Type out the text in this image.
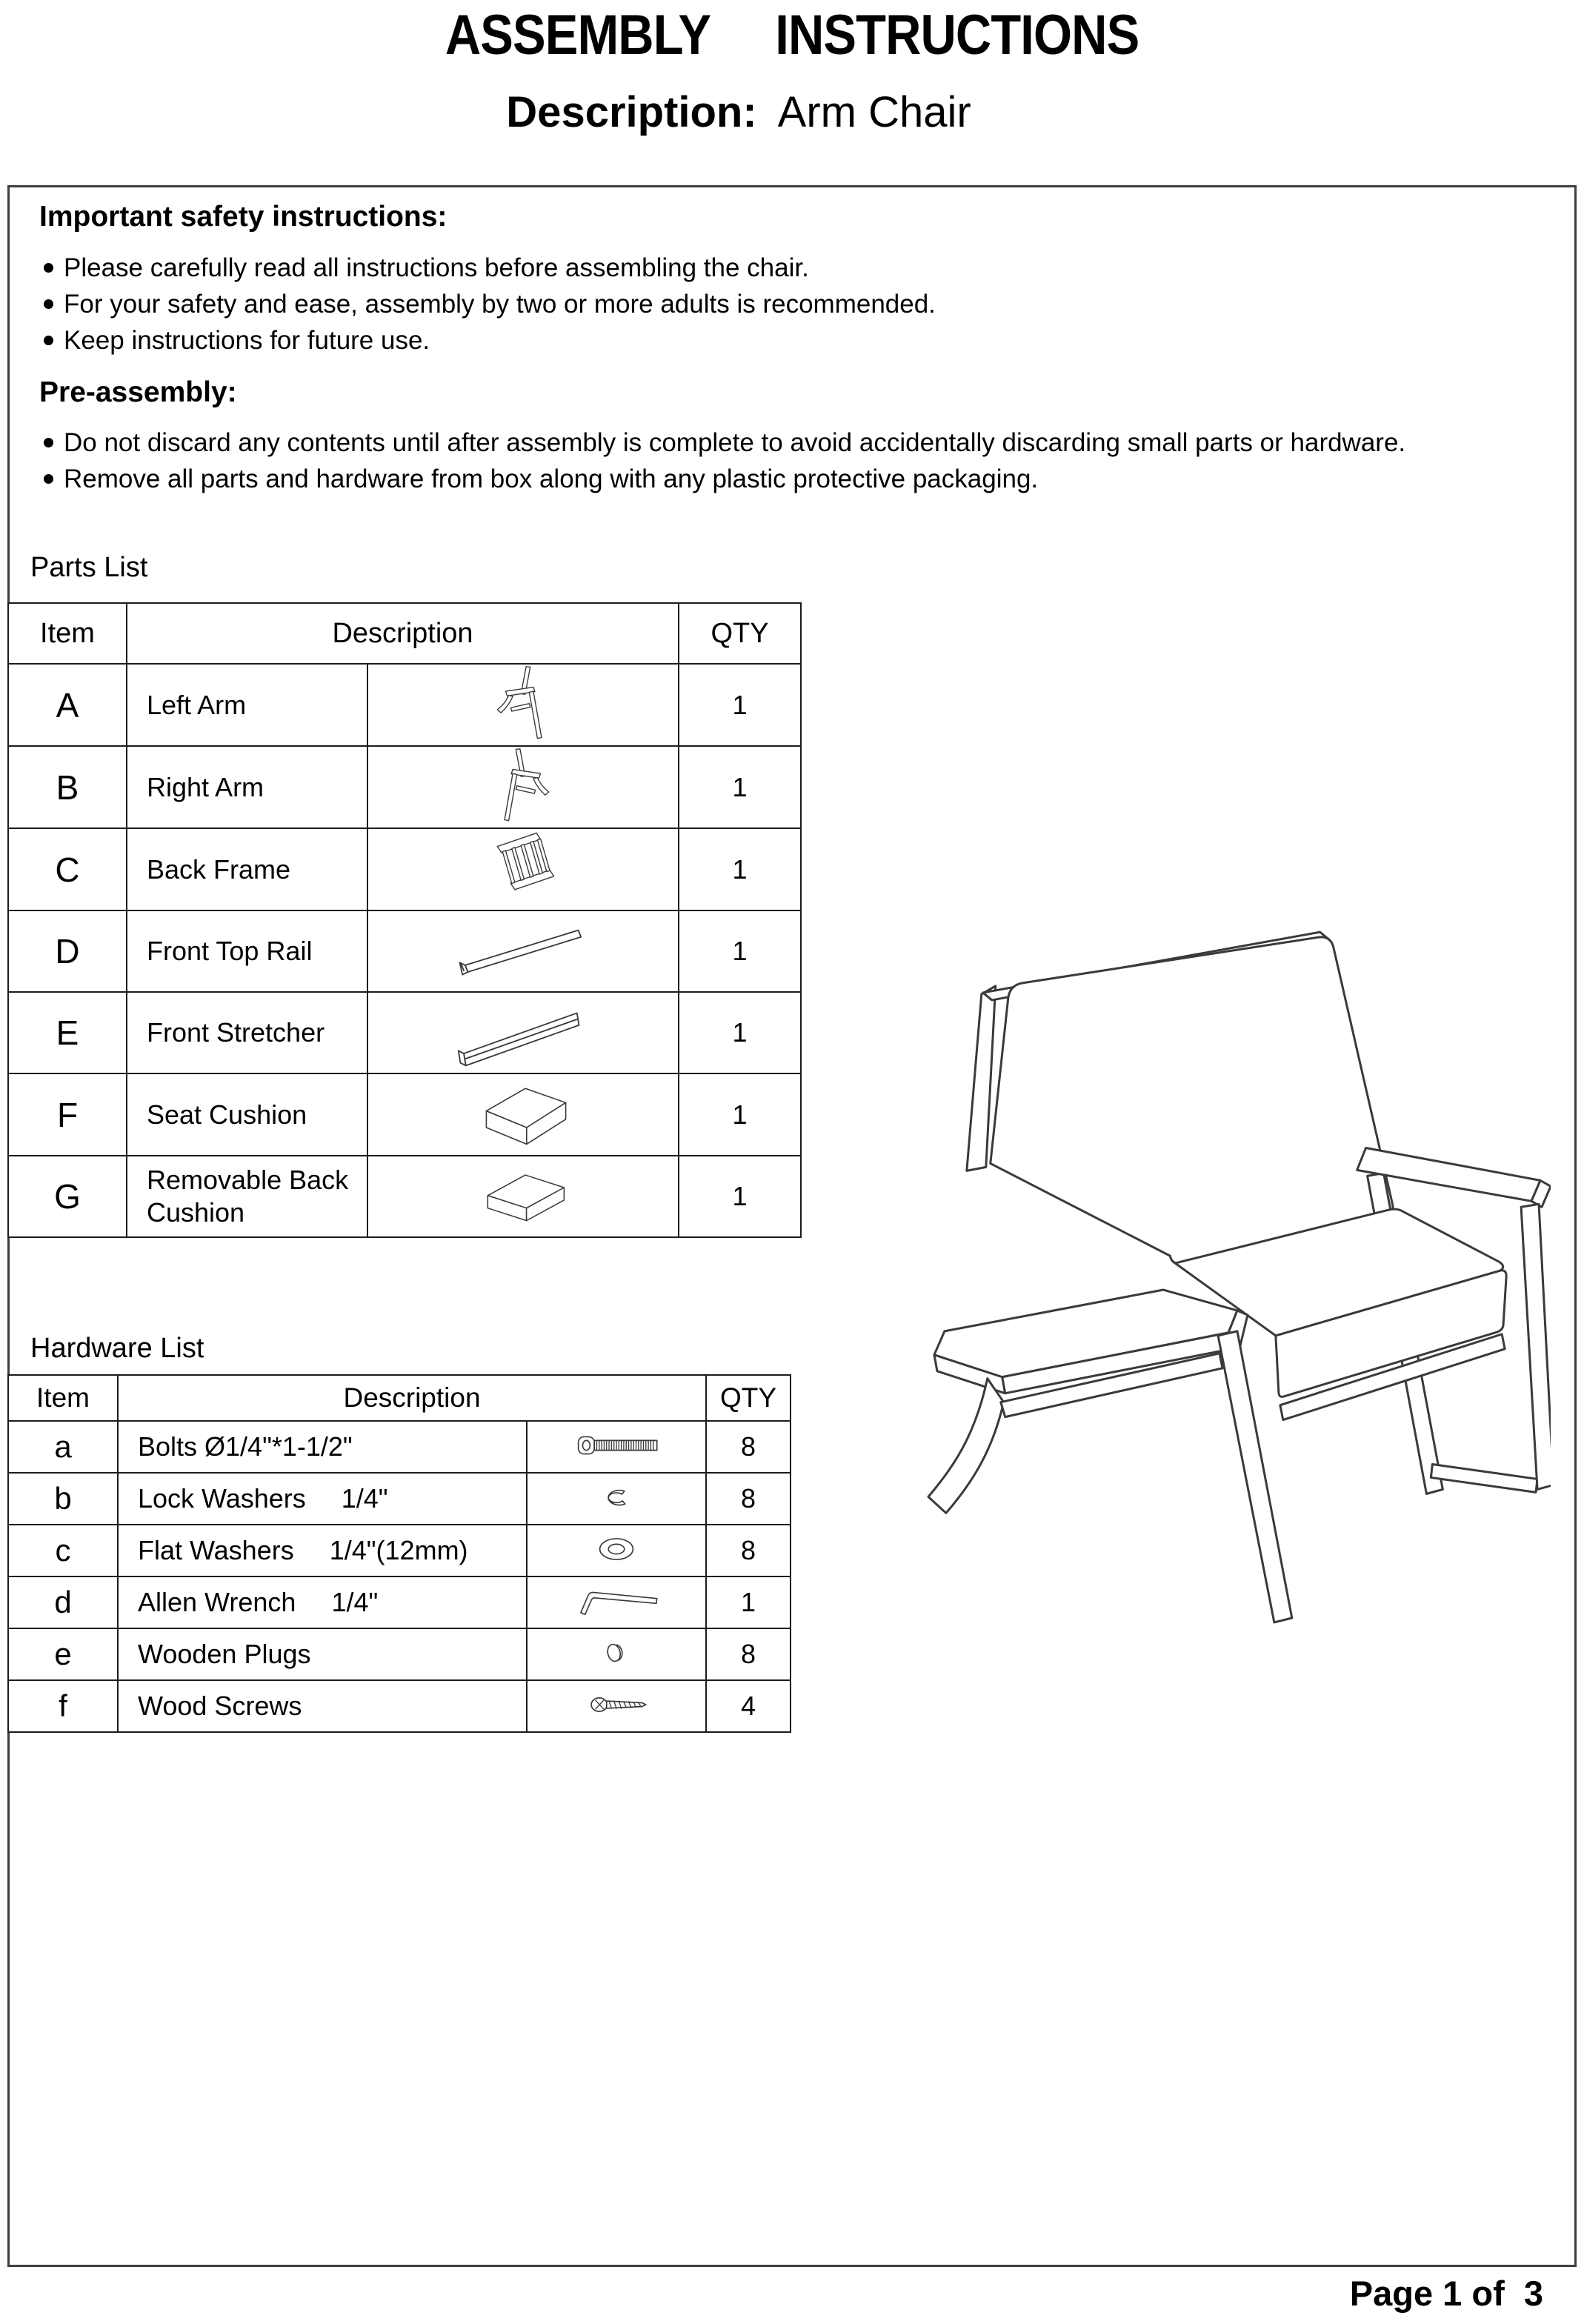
ASSEMBLY  INSTRUCTIONS
Description: Arm Chair
Important safety instructions:
Please carefully read all instructions before assembling the chair.
For your safety and ease, assembly by two or more adults is recommended.
Keep instructions for future use.
Pre-assembly:
Do not discard any contents until after assembly is complete to avoid accidentally discarding small parts or hardware.
Remove all parts and hardware from box along with any plastic protective packaging.
Parts List
Item	Description		QTY
A	Left Arm		1
B	Right Arm		1
C	Back Frame		1
D	Front Top Rail		1
E	Front Stretcher		1
F	Seat Cushion		1
G	Removable Back Cushion		1
Hardware List
Item	Description		QTY
a	Bolts Ø1/4"*1-1/2"		8
b	Lock Washers 1/4"		8
c	Flat Washers 1/4"(12mm)		8
d	Allen Wrench 1/4"		1
e	Wooden Plugs		8
f	Wood Screws		4
Page 1 of  3
